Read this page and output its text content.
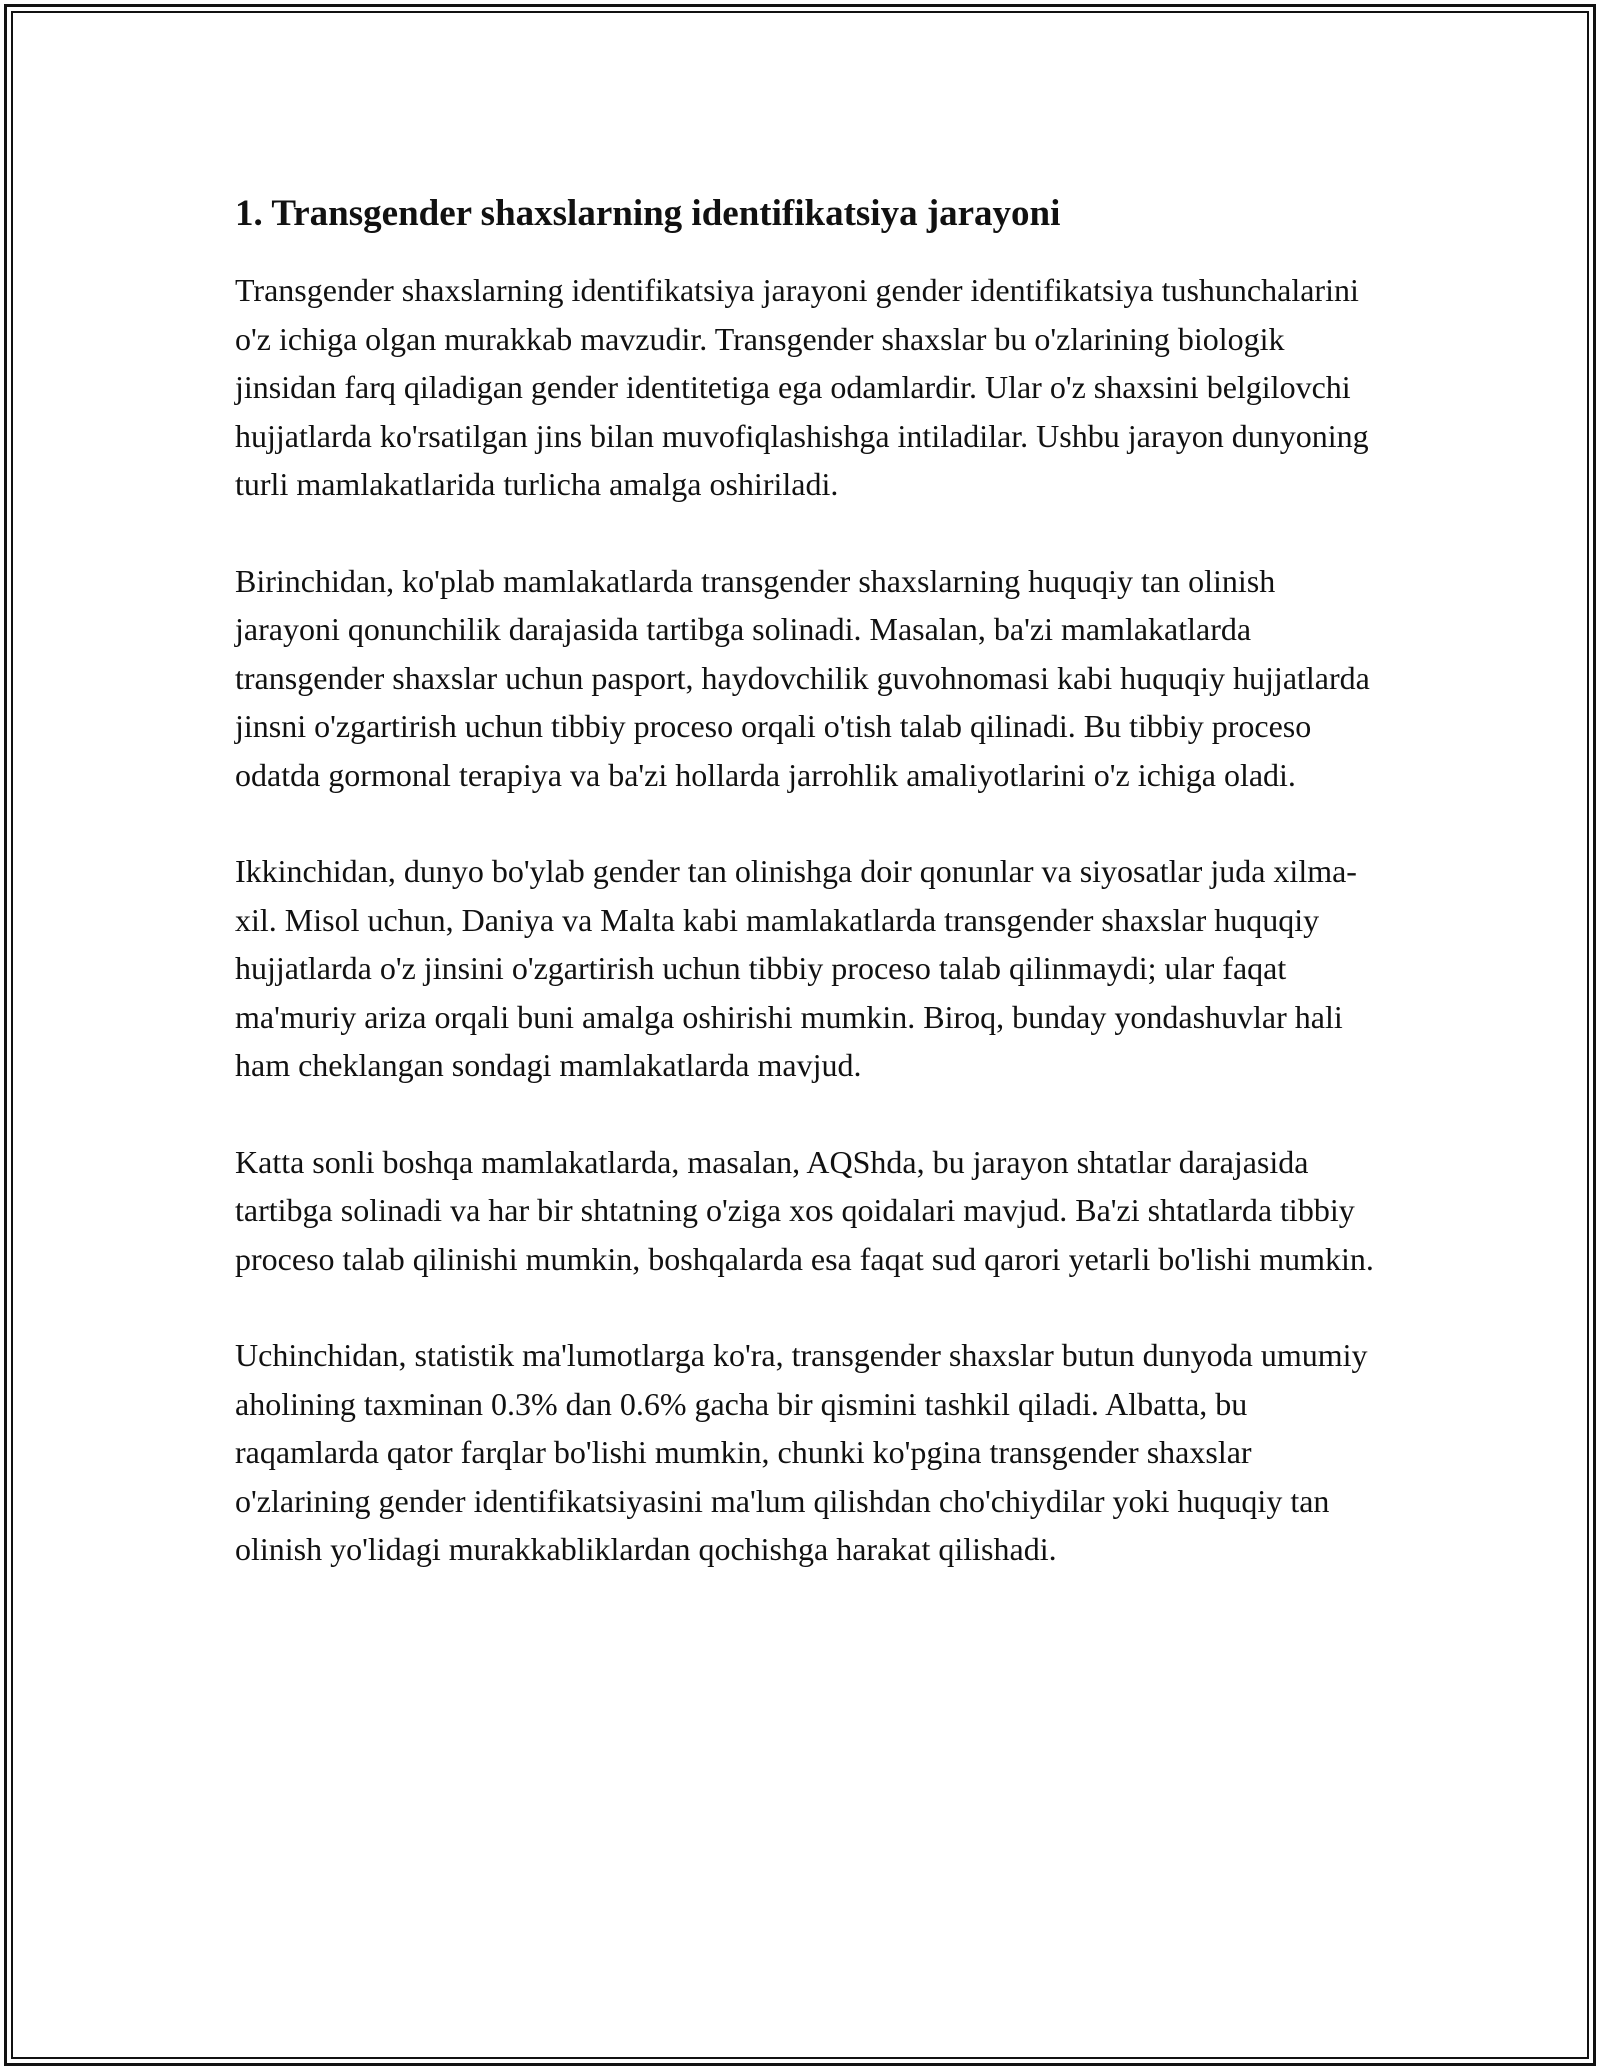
1. Transgender shaxslarning identifikatsiya jarayoni

Transgender shaxslarning identifikatsiya jarayoni gender identifikatsiya tushunchalarini o'z ichiga olgan murakkab mavzudir. Transgender shaxslar bu o'zlarining biologik jinsidan farq qiladigan gender identitetiga ega odamlardir. Ular o'z shaxsini belgilovchi hujjatlarda ko'rsatilgan jins bilan muvofiqlashishga intiladilar. Ushbu jarayon dunyoning turli mamlakatlarida turlicha amalga oshiriladi.

Birinchidan, ko'plab mamlakatlarda transgender shaxslarning huquqiy tan olinish jarayoni qonunchilik darajasida tartibga solinadi. Masalan, ba'zi mamlakatlarda transgender shaxslar uchun pasport, haydovchilik guvohnomasi kabi huquqiy hujjatlarda jinsni o'zgartirish uchun tibbiy proceso orqali o'tish talab qilinadi. Bu tibbiy proceso odatda gormonal terapiya va ba'zi hollarda jarrohlik amaliyotlarini o'z ichiga oladi.

Ikkinchidan, dunyo bo'ylab gender tan olinishga doir qonunlar va siyosatlar juda xilma-xil. Misol uchun, Daniya va Malta kabi mamlakatlarda transgender shaxslar huquqiy hujjatlarda o'z jinsini o'zgartirish uchun tibbiy proceso talab qilinmaydi; ular faqat ma'muriy ariza orqali buni amalga oshirishi mumkin. Biroq, bunday yondashuvlar hali ham cheklangan sondagi mamlakatlarda mavjud.

Katta sonli boshqa mamlakatlarda, masalan, AQShda, bu jarayon shtatlar darajasida tartibga solinadi va har bir shtatning o'ziga xos qoidalari mavjud. Ba'zi shtatlarda tibbiy proceso talab qilinishi mumkin, boshqalarda esa faqat sud qarori yetarli bo'lishi mumkin.

Uchinchidan, statistik ma'lumotlarga ko'ra, transgender shaxslar butun dunyoda umumiy aholining taxminan 0.3% dan 0.6% gacha bir qismini tashkil qiladi. Albatta, bu raqamlarda qator farqlar bo'lishi mumkin, chunki ko'pgina transgender shaxslar o'zlarining gender identifikatsiyasini ma'lum qilishdan cho'chiydilar yoki huquqiy tan olinish yo'lidagi murakkabliklardan qochishga harakat qilishadi.
